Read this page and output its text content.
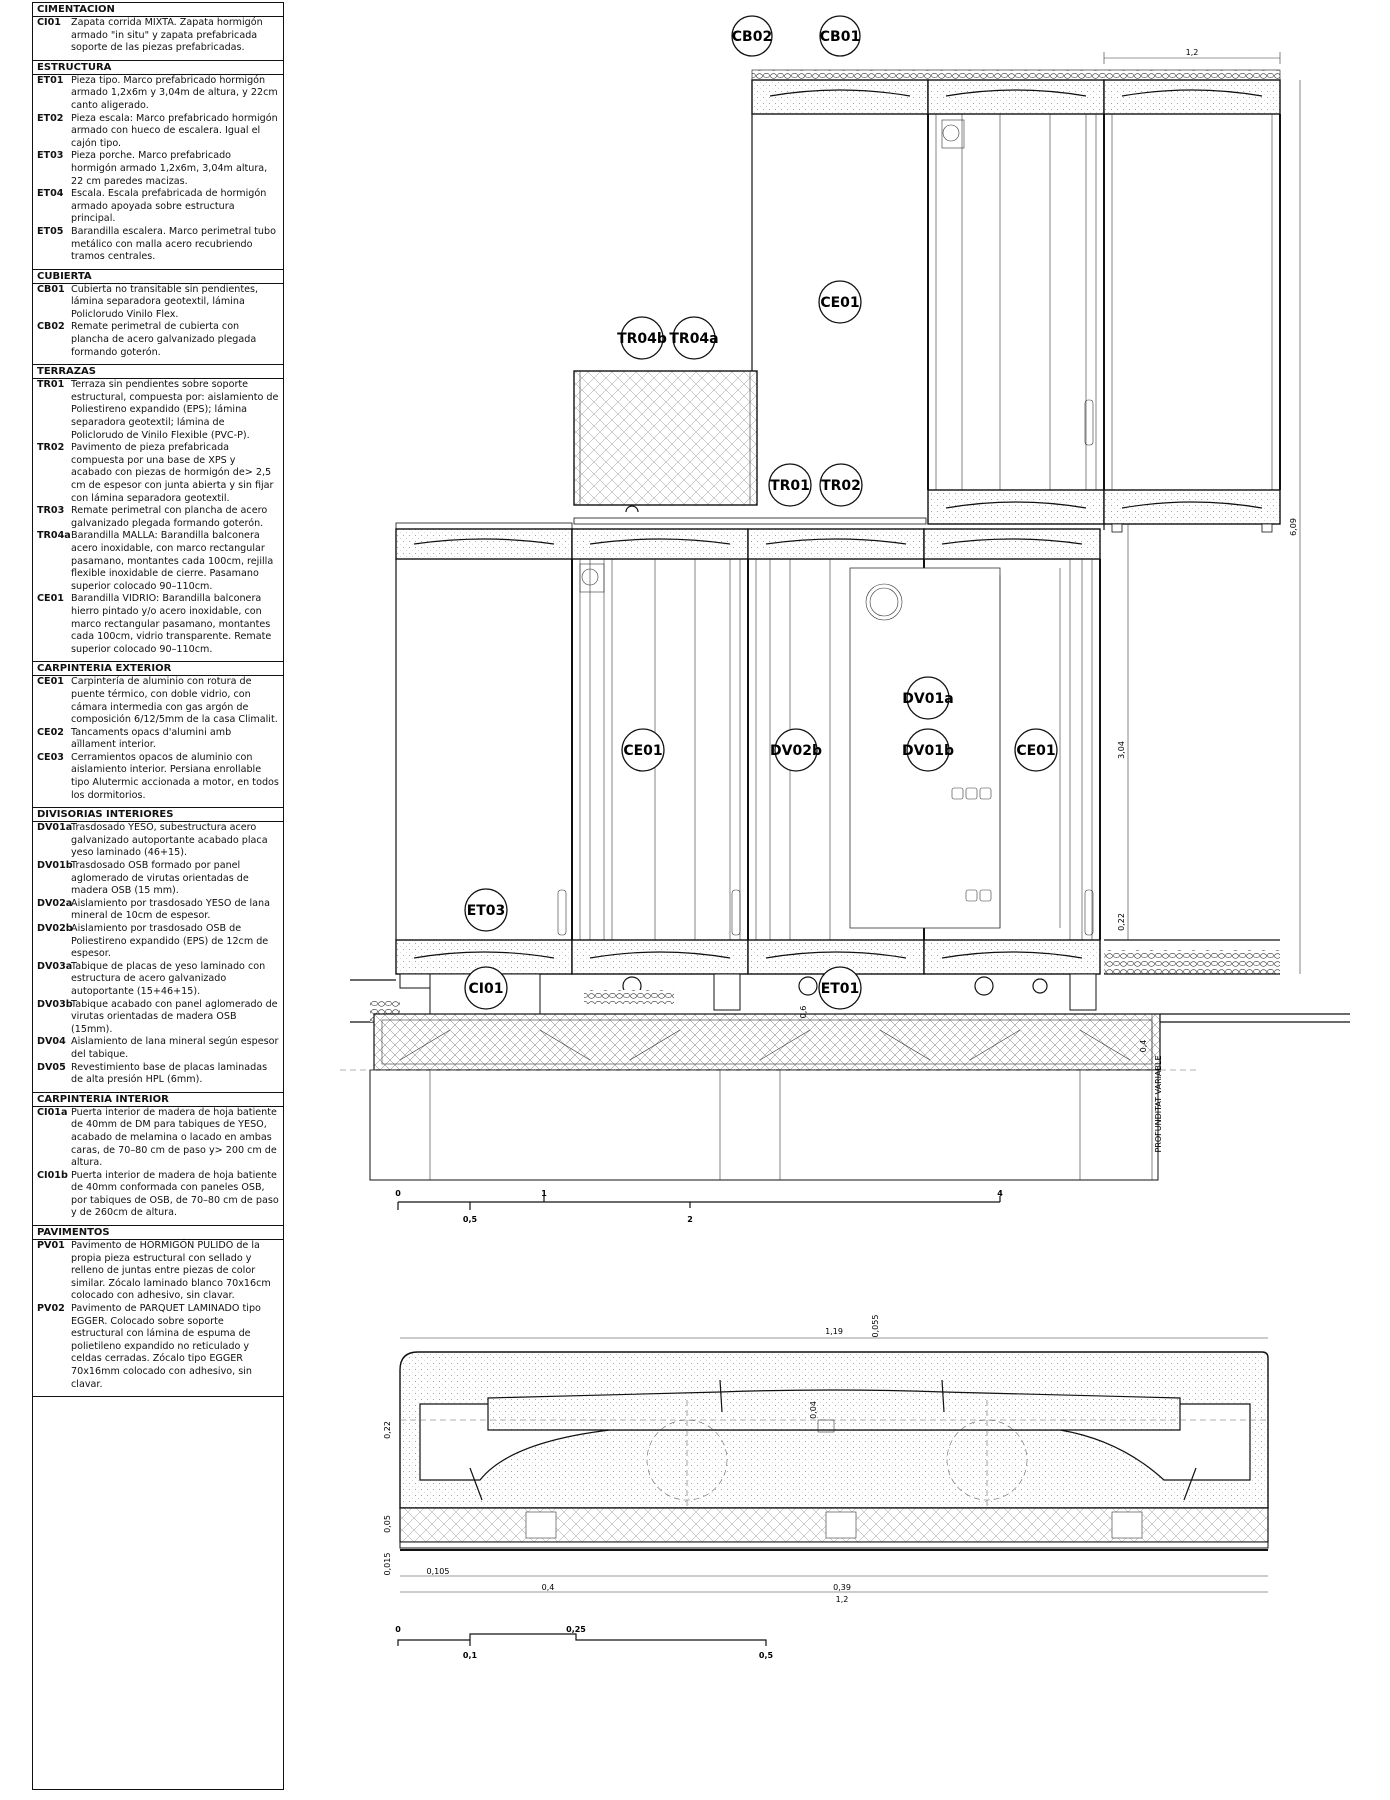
CIMENTACION
CI01	Zapata corrida MIXTA. Zapata hormigón armado "in situ" y zapata prefabricada soporte de las piezas prefabricadas.
ESTRUCTURA
ET01 Pieza tipo. Marco prefabricado hormigón armado 1,2x6m y 3,04m de altura, y 22cm canto aligerado.
ET02 Pieza escala: Marco prefabricado hormigón armado con hueco de escalera. Igual el cajón tipo.
ET03 Pieza porche. Marco prefabricado hormigón armado 1,2x6m, 3,04m altura, 22 cm paredes macizas.
ET04 Escala. Escala prefabricada de hormigón armado apoyada sobre estructura principal.
ET05 Barandilla escalera. Marco perimetral tubo metálico con malla acero recubriendo tramos centrales.
CUBIERTA
CB01 Cubierta no transitable sin pendientes, lámina separadora geotextil, lámina Policlorudo Vinilo Flex.
CB02 Remate perimetral de cubierta con plancha de acero galvanizado plegada formando goterón.
TERRAZAS
TR01 Terraza sin pendientes sobre soporte estructural, compuesta por: aislamiento de Poliestireno expandido (EPS); lámina separadora geotextil; lámina de Policlorudo de Vinilo Flexible (PVC-P).
TR02 Pavimento de pieza prefabricada compuesta por una base de XPS y acabado con piezas de hormigón de> 2,5 cm de espesor con junta abierta y sin fijar con lámina separadora geotextil.
TR03 Remate perimetral con plancha de acero galvanizado plegada formando goterón.
TR04a Barandilla MALLA: Barandilla balconera acero inoxidable, con marco rectangular pasamano, montantes cada 100cm, rejilla flexible inoxidable de cierre. Pasamano superior colocado 90–110cm.
CE01 Barandilla VIDRIO: Barandilla balconera hierro pintado y/o acero inoxidable, con marco rectangular pasamano, montantes cada 100cm, vidrio transparente. Remate superior colocado 90–110cm.
CARPINTERIA EXTERIOR
CE01 Carpintería de aluminio con rotura de puente térmico, con doble vidrio, con cámara intermedia con gas argón de composición 6/12/5mm de la casa Climalit.
CE02 Tancaments opacs d'alumini amb aïllament interior.
CE03 Cerramientos opacos de aluminio con aislamiento interior. Persiana enrollable tipo Alutermic accionada a motor, en todos los dormitorios.
DIVISORIAS INTERIORES
DV01a
Trasdosado YESO, subestructura acero galvanizado autoportante acabado placa yeso laminado (46+15).
DV01b
Trasdosado OSB formado por panel aglomerado de virutas orientadas de madera OSB (15 mm).
DV02a
Aislamiento por trasdosado YESO de lana mineral de 10cm de espesor.
DV02b
Aislamiento por trasdosado OSB de Poliestireno expandido (EPS) de 12cm de espesor.
DV03a
Tabique de placas de yeso laminado con estructura de acero galvanizado autoportante (15+46+15).
DV03b
Tabique acabado con panel aglomerado de virutas orientadas de madera OSB (15mm).
DV04 Aislamiento de lana mineral según espesor del tabique.
DV05 Revestimiento base de placas laminadas de alta presión HPL (6mm).
CARPINTERIA INTERIOR
CI01a Puerta interior de madera de hoja batiente de 40mm de DM para tabiques de YESO, acabado de melamina o lacado en ambas caras, de 70–80 cm de paso y> 200 cm de altura.
CI01b Puerta interior de madera de hoja batiente de 40mm conformada con paneles OSB, por tabiques de OSB, de 70–80 cm de paso y de 260cm de altura.
PAVIMENTOS
PV01 Pavimento de HORMIGÓN PULIDO de la propia pieza estructural con sellado y relleno de juntas entre piezas de color similar. Zócalo laminado blanco 70x16cm colocado con adhesivo, sin clavar.
PV02 Pavimento de PARQUET LAMINADO tipo EGGER. Colocado sobre soporte estructural con lámina de espuma de polietileno expandido no reticulado y celdas cerradas. Zócalo tipo EGGER 70x16mm colocado con adhesivo, sin clavar.
1,2
6,09
3,04
0,22
0,4
PROFUNDITAT VARIABLE
0,6
0
0,5
1
2
4
1,19	0,055
0,04
0,22
0,05
0,015	0,105
0,4	0,39
1,2
0
0,1
0,25
0,5
CB02	CB01
CE01
TR04b TR04a
TR01 TR02
DV01a
DV01b
DV02b
CE01	CE01
ET03
CI01	ET01
